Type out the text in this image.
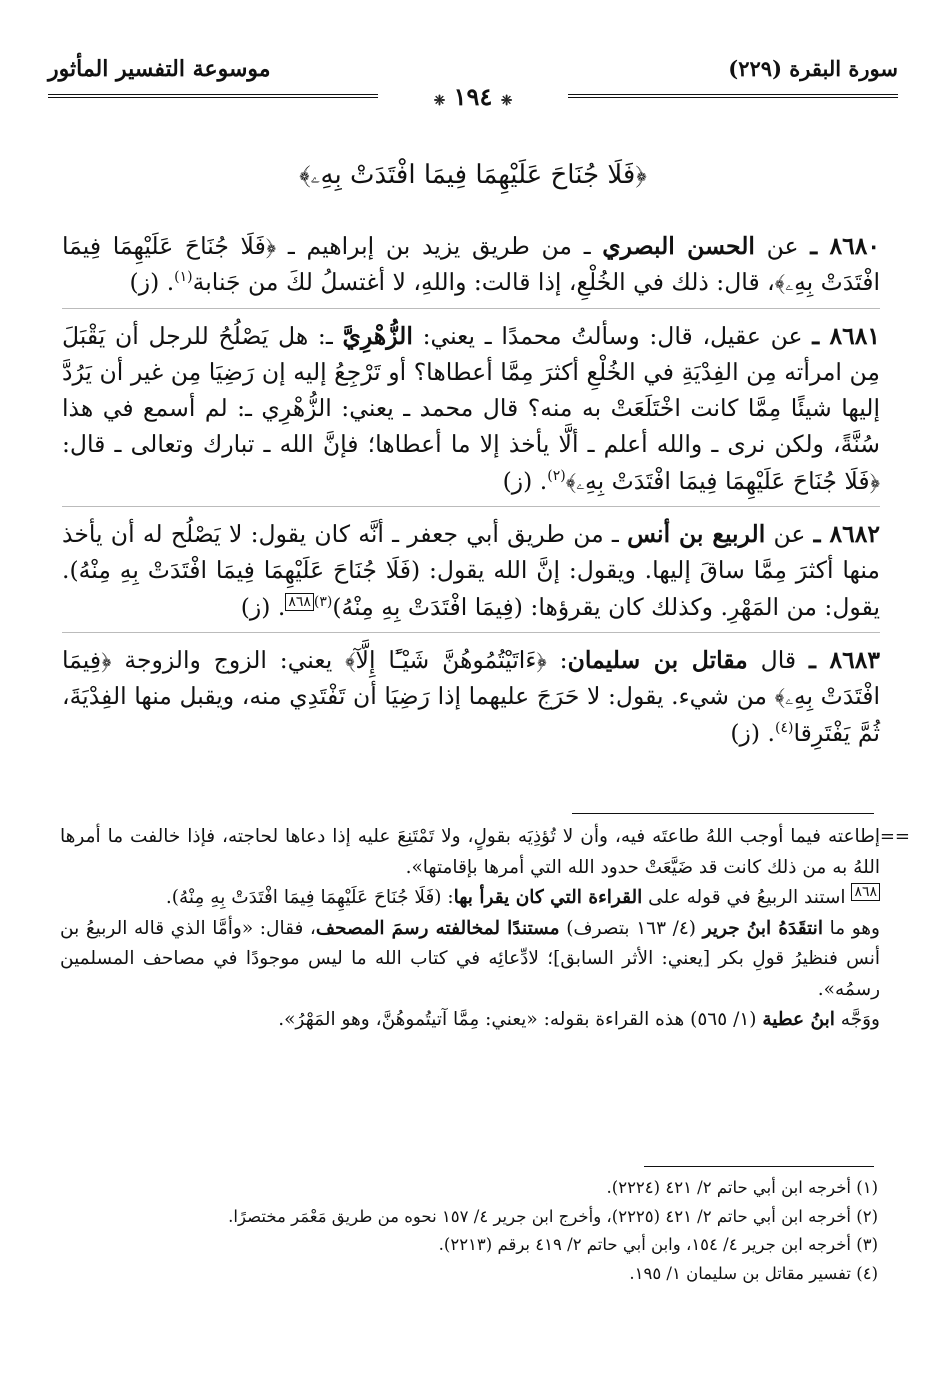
سورة البقرة (٢٢٩)
موسوعة التفسير المأثور
❈ ١٩٤ ❈
﴿فَلَا جُنَاحَ عَلَيْهِمَا فِيمَا افْتَدَتْ بِهِۦ﴾

٨٦٨٠ ـ عن الحسن البصري ـ من طريق يزيد بن إبراهيم ـ ﴿فَلَا جُنَاحَ عَلَيْهِمَا فِيمَا افْتَدَتْ بِهِۦ﴾، قال: ذلك في الخُلْعِ، إذا قالت: واللهِ، لا أغتسلُ لكَ من جَنابة$^{(١)}$. (ز)

٨٦٨١ ـ عن عقيل، قال: وسألتُ محمدًا ـ يعني: الزُّهْرِيَّ ـ: هل يَصْلُحُ للرجل أن يَقْبَلَ مِن امرأته مِن الفِدْيَةِ في الخُلْعِ أكثرَ مِمَّا أعطاها؟ أو تَرْجِعُ إليه إن رَضِيَا مِن غير أن يَرُدَّ إليها شيئًا مِمَّا كانت اخْتَلَعَتْ به منه؟ قال محمد ـ يعني: الزُّهْرِي ـ: لم أسمع في هذا سُنَّةً، ولكن نرى ـ والله أعلم ـ ألَّا يأخذ إلا ما أعطاها؛ فإنَّ الله ـ تبارك وتعالى ـ قال: ﴿فَلَا جُنَاحَ عَلَيْهِمَا فِيمَا افْتَدَتْ بِهِۦ﴾$^{(٢)}$. (ز)

٨٦٨٢ ـ عن الربيع بن أنس ـ من طريق أبي جعفر ـ أنَّه كان يقول: لا يَصْلُح له أن يأخذ منها أكثرَ مِمَّا ساقَ إليها. ويقول: إنَّ الله يقول: (فَلَا جُنَاحَ عَلَيْهِمَا فِيمَا افْتَدَتْ بِهِ مِنْهُ). يقول: من المَهْرِ. وكذلك كان يقرؤها: (فِيمَا افْتَدَتْ بِهِ مِنْهُ)$^{(٣)}$٨٦٨. (ز)

٨٦٨٣ ـ قال مقاتل بن سليمان: ﴿ءَاتَيْتُمُوهُنَّ شَيْـًٔا إِلَّآ﴾ يعني: الزوج والزوجة ﴿فِيمَا افْتَدَتْ بِهِۦ﴾ من شيء. يقول: لا حَرَجَ عليهما إذا رَضِيَا أن تَفْتَدِي منه، ويقبل منها الفِدْيَةَ، ثُمَّ يَفْتَرِقا$^{(٤)}$. (ز)

==

إطاعته فيما أوجب اللهُ طاعتَه فيه، وأن لا تُؤذِيَه بقولٍ، ولا تَمْتَنِعَ عليه إذا دعاها لحاجته، فإذا خالفت ما أمرها اللهُ به من ذلك كانت قد ضَيَّعَتْ حدود الله التي أمرها بإقامتها».

٨٦٨ استند الربيعُ في قوله على القراءة التي كان يقرأ بها: (فَلَا جُنَاحَ عَلَيْهِمَا فِيمَا افْتَدَتْ بِهِ مِنْهُ).

وهو ما انتقَدَهُ ابنُ جرير (٤/ ١٦٣ بتصرف) مستندًا لمخالفته رسمَ المصحف، فقال: «وأمَّا الذي قاله الربيعُ بن أنس فنظيرُ قولِ بكر [يعني: الأثر السابق]؛ لادِّعائِه في كتاب الله ما ليس موجودًا في مصاحف المسلمين رسمُه».

ووَجَّه ابنُ عطية (١/ ٥٦٥) هذه القراءة بقوله: «يعني: مِمَّا آتيتُموهُنَّ، وهو المَهْرُ».

(١) أخرجه ابن أبي حاتم ٢/ ٤٢١ (٢٢٢٤).

(٢) أخرجه ابن أبي حاتم ٢/ ٤٢١ (٢٢٢٥)، وأخرج ابن جرير ٤/ ١٥٧ نحوه من طريق مَعْمَر مختصرًا.

(٣) أخرجه ابن جرير ٤/ ١٥٤، وابن أبي حاتم ٢/ ٤١٩ برقم (٢٢١٣).

(٤) تفسير مقاتل بن سليمان ١/ ١٩٥.
